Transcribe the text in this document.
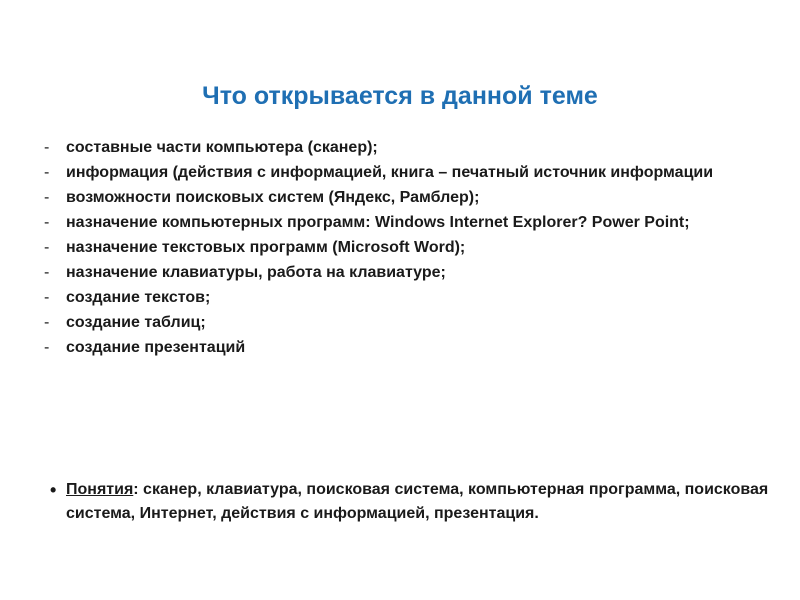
Что открывается в данной теме
- составные части компьютера (сканер);
- информация (действия с информацией, книга – печатный источник информации
- возможности поисковых систем (Яндекс, Рамблер);
- назначение компьютерных программ: Windows Internet Explorer? Power Point;
- назначение текстовых программ (Microsoft Word);
- назначение клавиатуры, работа на клавиатуре;
- создание текстов;
- создание таблиц;
- создание презентаций
• Понятия: сканер, клавиатура, поисковая система, компьютерная программа, поисковая система, Интернет, действия с информацией, презентация.
